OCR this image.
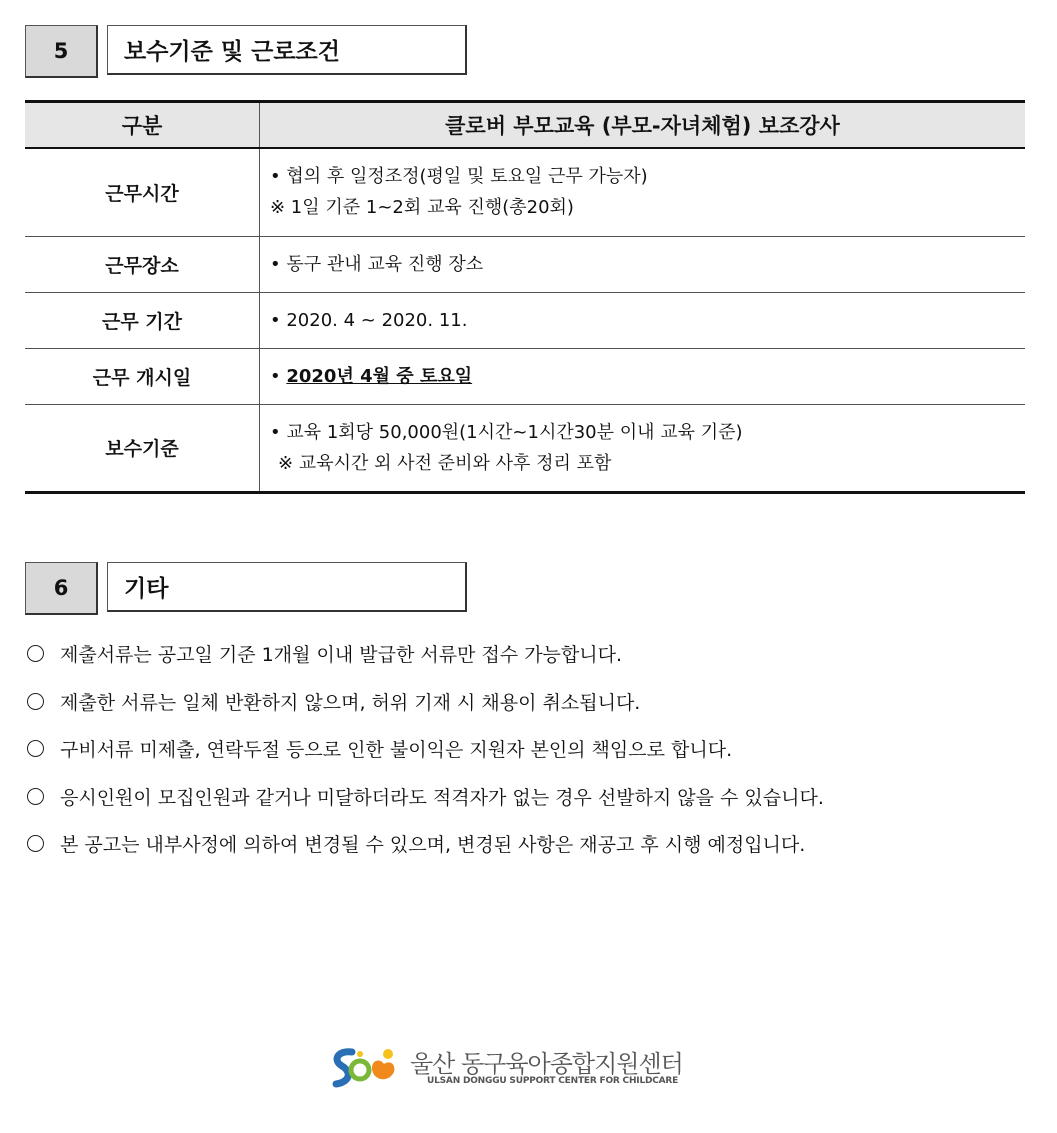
5	보수기준 및 근로조건
구분	클로버 부모교육 (부모-자녀체험) 보조강사
근무시간	• 협의 후 일정조정(평일 및 토요일 근무 가능자)
※ 1일 기준 1~2회 교육 진행(총20회)

근무장소	• 동구 관내 교육 진행 장소

근무 기간	• 2020. 4 ~ 2020. 11.

근무 개시일	• 2020년 4월 중 토요일

보수기준	• 교육 1회당 50,000원(1시간~1시간30분 이내 교육 기준)
※ 교육시간 외 사전 준비와 사후 정리 포함
6	기타
제출서류는 공고일 기준 1개월 이내 발급한 서류만 접수 가능합니다.
제출한 서류는 일체 반환하지 않으며, 허위 기재 시 채용이 취소됩니다.
구비서류 미제출, 연락두절 등으로 인한 불이익은 지원자 본인의 책임으로 합니다.
응시인원이 모집인원과 같거나 미달하더라도 적격자가 없는 경우 선발하지 않을 수 있습니다.
본 공고는 내부사정에 의하여 변경될 수 있으며, 변경된 사항은 재공고 후 시행 예정입니다.
울산 동구육아종합지원센터
ULSAN DONGGU SUPPORT CENTER FOR CHILDCARE
